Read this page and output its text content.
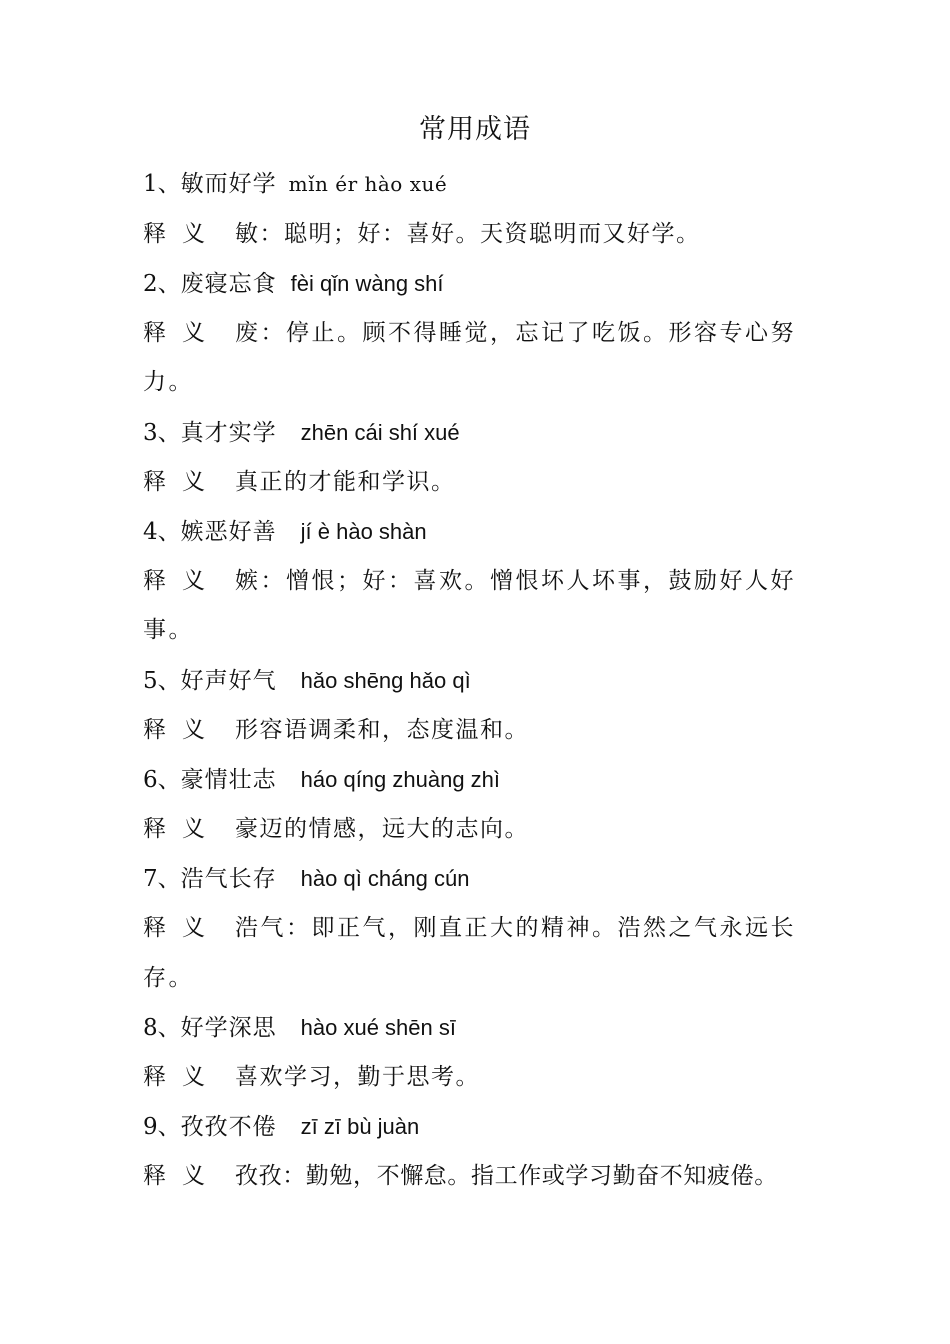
常用成语
1、敏而好学 mǐn ér hào xué
释义 敏：聪明；好：喜好。天资聪明而又好学。
2、废寝忘食 fèi qǐn wàng shí
释义 废：停止。顾不得睡觉，忘记了吃饭。形容专心努力。
3、真才实学 zhēn cái shí xué
释义 真正的才能和学识。
4、嫉恶好善 jí è hào shàn
释义 嫉：憎恨；好：喜欢。憎恨坏人坏事，鼓励好人好事。
5、好声好气 hǎo shēng hǎo qì
释义 形容语调柔和，态度温和。
6、豪情壮志 háo qíng zhuàng zhì
释义 豪迈的情感，远大的志向。
7、浩气长存 hào qì cháng cún
释义 浩气：即正气，刚直正大的精神。浩然之气永远长存。
8、好学深思 hào xué shēn sī
释义 喜欢学习，勤于思考。
9、孜孜不倦 zī zī bù juàn
释义 孜孜：勤勉，不懈怠。指工作或学习勤奋不知疲倦。
